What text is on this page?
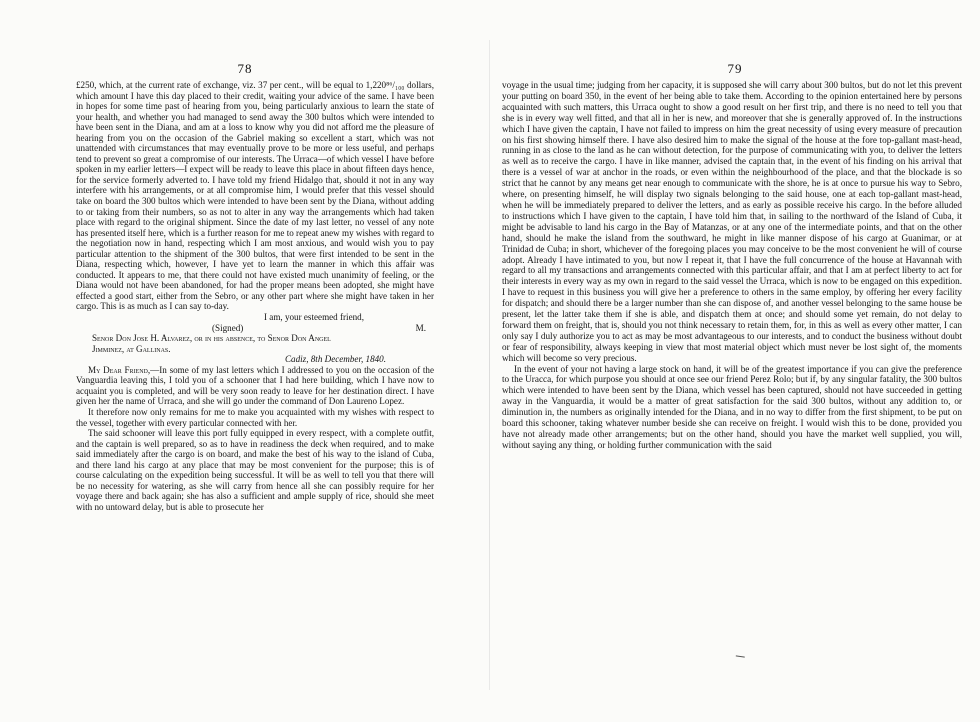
78

£250, which, at the current rate of exchange, viz. 37 per cent., will be equal to 1,220⁸⁶/₁₀₀ dollars, which amount I have this day placed to their credit, waiting your advice of the same. I have been in hopes for some time past of hearing from you, being particularly anxious to learn the state of your health, and whether you had managed to send away the 300 bultos which were intended to have been sent in the Diana, and am at a loss to know why you did not afford me the pleasure of hearing from you on the occasion of the Gabriel making so excellent a start, which was not unattended with circumstances that may eventually prove to be more or less useful, and perhaps tend to prevent so great a compromise of our interests. The Urraca—of which vessel I have before spoken in my earlier letters—I expect will be ready to leave this place in about fifteen days hence, for the service formerly adverted to. I have told my friend Hidalgo that, should it not in any way interfere with his arrangements, or at all compromise him, I would prefer that this vessel should take on board the 300 bultos which were intended to have been sent by the Diana, without adding to or taking from their numbers, so as not to alter in any way the arrangements which had taken place with regard to the original shipment. Since the date of my last letter, no vessel of any note has presented itself here, which is a further reason for me to repeat anew my wishes with regard to the negotiation now in hand, respecting which I am most anxious, and would wish you to pay particular attention to the shipment of the 300 bultos, that were first intended to be sent in the Diana, respecting which, however, I have yet to learn the manner in which this affair was conducted. It appears to me, that there could not have existed much unanimity of feeling, or the Diana would not have been abandoned, for had the proper means been adopted, she might have effected a good start, either from the Sebro, or any other part where she might have taken in her cargo. This is as much as I can say to-day.

I am, your esteemed friend,

(Signed)	M.

Senor Don Jose H. Alvarez, or in his absence, to Senor Don Angel

Jimminez, at Gallinas.

Cadiz, 8th December, 1840.

My Dear Friend,—In some of my last letters which I addressed to you on the occasion of the Vanguardia leaving this, I told you of a schooner that I had here building, which I have now to acquaint you is completed, and will be very soon ready to leave for her destination direct. I have given her the name of Urraca, and she will go under the command of Don Laureno Lopez.

It therefore now only remains for me to make you acquainted with my wishes with respect to the vessel, together with every particular connected with her.

The said schooner will leave this port fully equipped in every respect, with a complete outfit, and the captain is well prepared, so as to have in readiness the deck when required, and to make said immediately after the cargo is on board, and make the best of his way to the island of Cuba, and there land his cargo at any place that may be most convenient for the purpose; this is of course calculating on the expedition being successful. It will be as well to tell you that there will be no necessity for watering, as she will carry from hence all she can possibly require for her voyage there and back again; she has also a sufficient and ample supply of rice, should she meet with no untoward delay, but is able to prosecute her

79

voyage in the usual time; judging from her capacity, it is supposed she will carry about 300 bultos, but do not let this prevent your putting on board 350, in the event of her being able to take them. According to the opinion entertained here by persons acquainted with such matters, this Urraca ought to show a good result on her first trip, and there is no need to tell you that she is in every way well fitted, and that all in her is new, and moreover that she is generally approved of. In the instructions which I have given the captain, I have not failed to impress on him the great necessity of using every measure of precaution on his first showing himself there. I have also desired him to make the signal of the house at the fore top-gallant mast-head, running in as close to the land as he can without detection, for the purpose of communicating with you, to deliver the letters as well as to receive the cargo. I have in like manner, advised the captain that, in the event of his finding on his arrival that there is a vessel of war at anchor in the roads, or even within the neighbourhood of the place, and that the blockade is so strict that he cannot by any means get near enough to communicate with the shore, he is at once to pursue his way to Sebro, where, on presenting himself, he will display two signals belonging to the said house, one at each top-gallant mast-head, when he will be immediately prepared to deliver the letters, and as early as possible receive his cargo. In the before alluded to instructions which I have given to the captain, I have told him that, in sailing to the northward of the Island of Cuba, it might be advisable to land his cargo in the Bay of Matanzas, or at any one of the intermediate points, and that on the other hand, should he make the island from the southward, he might in like manner dispose of his cargo at Guanimar, or at Trinidad de Cuba; in short, whichever of the foregoing places you may conceive to be the most convenient he will of course adopt. Already I have intimated to you, but now I repeat it, that I have the full concurrence of the house at Havannah with regard to all my transactions and arrangements connected with this particular affair, and that I am at perfect liberty to act for their interests in every way as my own in regard to the said vessel the Urraca, which is now to be engaged on this expedition. I have to request in this business you will give her a preference to others in the same employ, by offering her every facility for dispatch; and should there be a larger number than she can dispose of, and another vessel belonging to the same house be present, let the latter take them if she is able, and dispatch them at once; and should some yet remain, do not delay to forward them on freight, that is, should you not think necessary to retain them, for, in this as well as every other matter, I can only say I duly authorize you to act as may be most advantageous to our interests, and to conduct the business without doubt or fear of responsibility, always keeping in view that most material object which must never be lost sight of, the moments which will become so very precious.

In the event of your not having a large stock on hand, it will be of the greatest importance if you can give the preference to the Uracca, for which purpose you should at once see our friend Perez Rolo; but if, by any singular fatality, the 300 bultos which were intended to have been sent by the Diana, which vessel has been captured, should not have succeeded in getting away in the Vanguardia, it would be a matter of great satisfaction for the said 300 bultos, without any addition to, or diminution in, the numbers as originally intended for the Diana, and in no way to differ from the first shipment, to be put on board this schooner, taking whatever number beside she can receive on freight. I would wish this to be done, provided you have not already made other arrangements; but on the other hand, should you have the market well supplied, you will, without saying any thing, or holding further communication with the said
